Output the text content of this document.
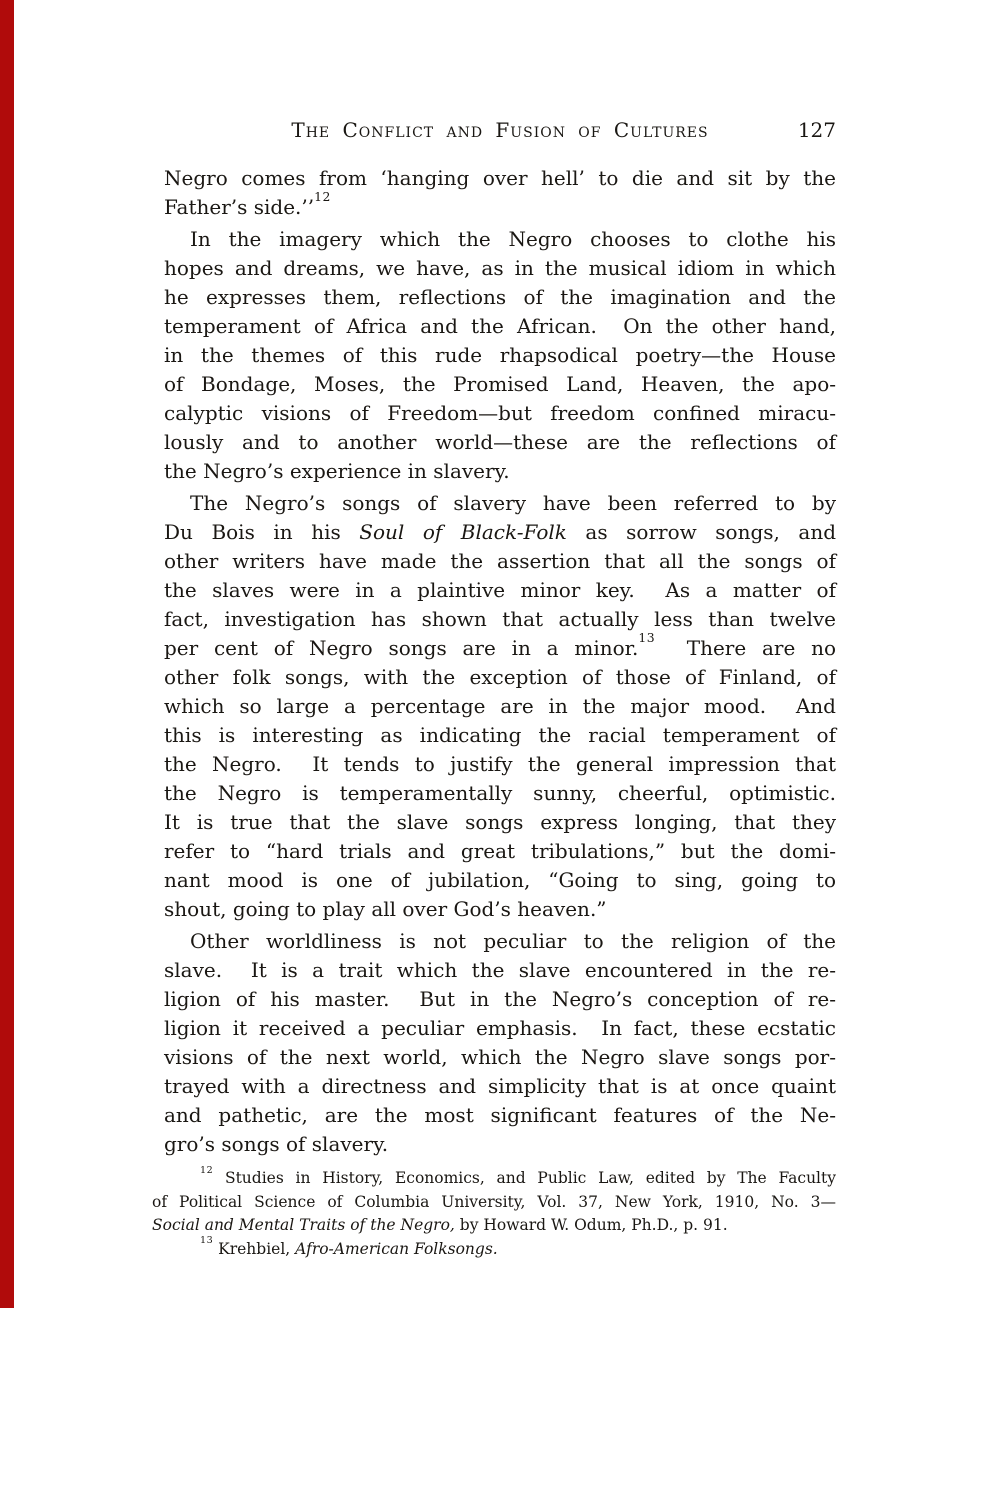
127
The Conflict and Fusion of Cultures
Negro comes from ‘hanging over hell’ to die and sit by the
Father’s side.’’$^{12}$
In the imagery which the Negro chooses to clothe his
hopes and dreams, we have, as in the musical idiom in which
he expresses them, reflections of the imagination and the
temperament of Africa and the African.  On the other hand,
in the themes of this rude rhapsodical poetry—the House
of Bondage, Moses, the Promised Land, Heaven, the apo-
calyptic visions of Freedom—but freedom confined miracu-
lously and to another world—these are the reflections of
the Negro’s experience in slavery.
The Negro’s songs of slavery have been referred to by
Du Bois in his Soul of Black-Folk as sorrow songs, and
other writers have made the assertion that all the songs of
the slaves were in a plaintive minor key.  As a matter of
fact, investigation has shown that actually less than twelve
per cent of Negro songs are in a minor.$^{13}$  There are no
other folk songs, with the exception of those of Finland, of
which so large a percentage are in the major mood.  And
this is interesting as indicating the racial temperament of
the Negro.  It tends to justify the general impression that
the Negro is temperamentally sunny, cheerful, optimistic.
It is true that the slave songs express longing, that they
refer to “hard trials and great tribulations,” but the domi-
nant mood is one of jubilation, “Going to sing, going to
shout, going to play all over God’s heaven.”
Other worldliness is not peculiar to the religion of the
slave.  It is a trait which the slave encountered in the re-
ligion of his master.  But in the Negro’s conception of re-
ligion it received a peculiar emphasis.  In fact, these ecstatic
visions of the next world, which the Negro slave songs por-
trayed with a directness and simplicity that is at once quaint
and pathetic, are the most significant features of the Ne-
gro’s songs of slavery.
$^{12}$ Studies in History, Economics, and Public Law, edited by The Faculty
of Political Science of Columbia University, Vol. 37, New York, 1910, No. 3—
Social and Mental Traits of the Negro, by Howard W. Odum, Ph.D., p. 91.
$^{13}$ Krehbiel, Afro-American Folksongs.
